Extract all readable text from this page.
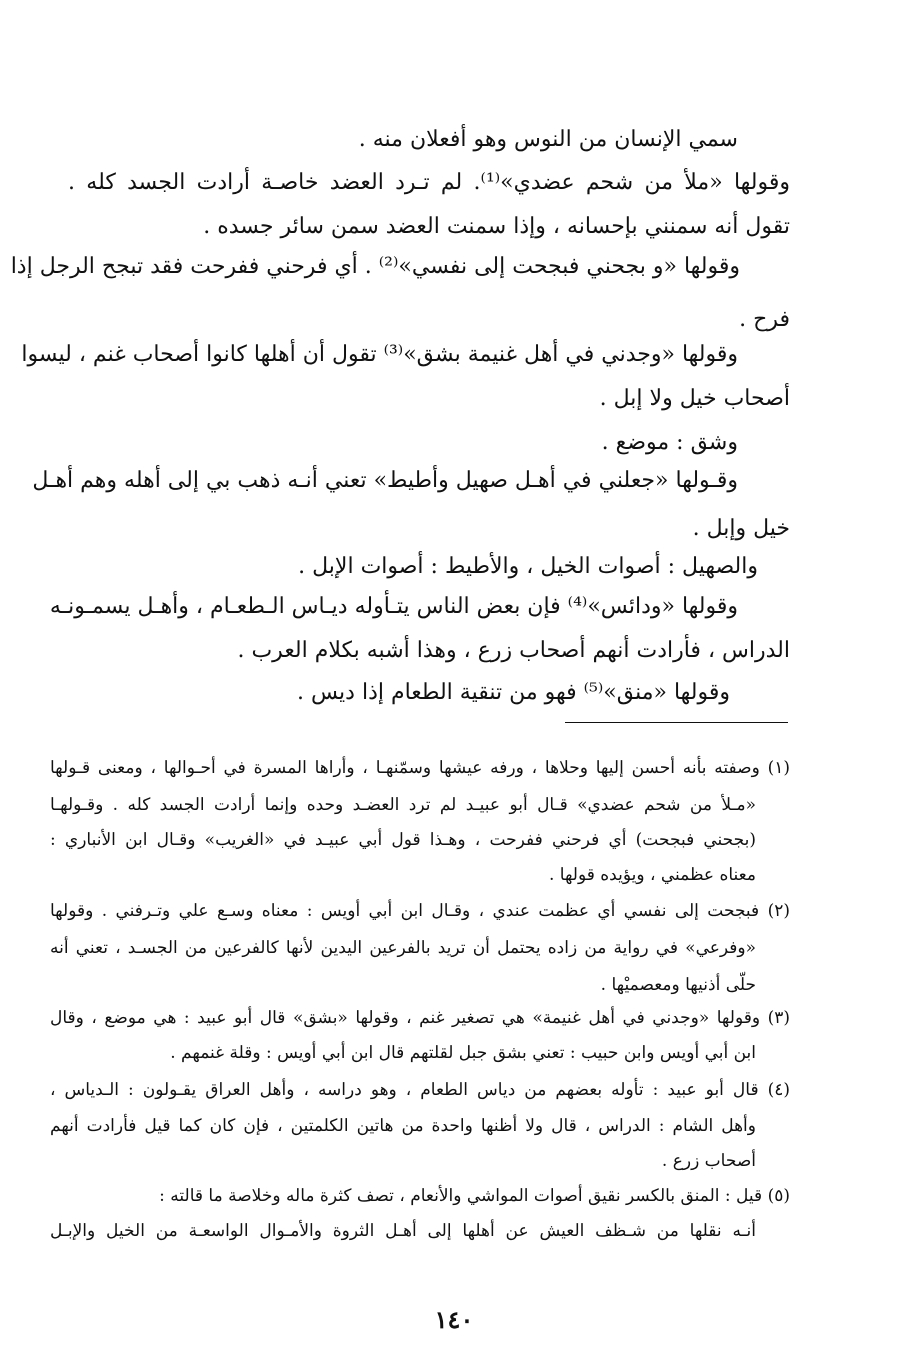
سمي الإنسان من النوس وهو أفعلان منه .
وقولها «ملأ من شحم عضدي»⁽¹⁾. لم تـرد العضد خاصـة أرادت الجسد كله .
تقول أنه سمنني بإحسانه ، وإذا سمنت العضد سمن سائر جسده .
وقولها «و بجحني فبجحت إلى نفسي»⁽²⁾ . أي فرحني ففرحت فقد تبجح الرجل إذا
فرح .
وقولها «وجدني في أهل غنيمة بشق»⁽³⁾ تقول أن أهلها كانوا أصحاب غنم ، ليسوا
أصحاب خيل ولا إبل .
وشق : موضع .
وقـولها «جعلني في أهـل صهيل وأطيط» تعني أنـه ذهب بي إلى أهله وهم أهـل
خيل وإبل .
والصهيل : أصوات الخيل ، والأطيط : أصوات الإبل .
وقولها «ودائس»⁽⁴⁾ فإن بعض الناس يتـأوله ديـاس الـطعـام ، وأهـل يسمـونـه
الدراس ، فأرادت أنهم أصحاب زرع ، وهذا أشبه بكلام العرب .
وقولها «منق»⁽⁵⁾ فهو من تنقية الطعام إذا ديس .
(١) وصفته بأنه أحسن إليها وحلاها ، ورفه عيشها وسمّنهـا ، وأراها المسرة في أحـوالها ، ومعنى قـولها
«مـلأ من شحم عضدي» قـال أبو عبيـد لم ترد العضـد وحده وإنما أرادت الجسد كله . وقـولهـا
(بجحني فبجحت) أي فرحني ففرحت ، وهـذا قول أبي عبيـد في «الغريب» وقـال ابن الأنباري :
معناه عظمني ، ويؤيده قولها .
(٢) فبجحت إلى نفسي أي عظمت عندي ، وقـال ابن أبي أويس : معناه وسـع علي وتـرفني . وقولها
«وفرعي» في رواية من زاده يحتمل أن تريد بالفرعين اليدين لأنها كالفرعين من الجسـد ، تعني أنه
حلّى أذنيها ومعصميْها .
(٣) وقولها «وجدني في أهل غنيمة» هي تصغير غنم ، وقولها «بشق» قال أبو عبيد : هي موضع ، وقال
ابن أبي أويس وابن حبيب : تعني بشق جبل لقلتهم قال ابن أبي أويس : وقلة غنمهم .
(٤) قال أبو عبيد : تأوله بعضهم من دياس الطعام ، وهو دراسه ، وأهل العراق يقـولون : الـدياس ،
وأهل الشام : الدراس ، قال ولا أظنها واحدة من هاتين الكلمتين ، فإن كان كما قيل فأرادت أنهم
أصحاب زرع .
(٥) قيل : المنق بالكسر نقيق أصوات المواشي والأنعام ، تصف كثرة ماله وخلاصة ما قالته :
أنـه نقلها من شـظف العيش عن أهلها إلى أهـل الثروة والأمـوال الواسعـة من الخيل والإبـل
١٤٠
